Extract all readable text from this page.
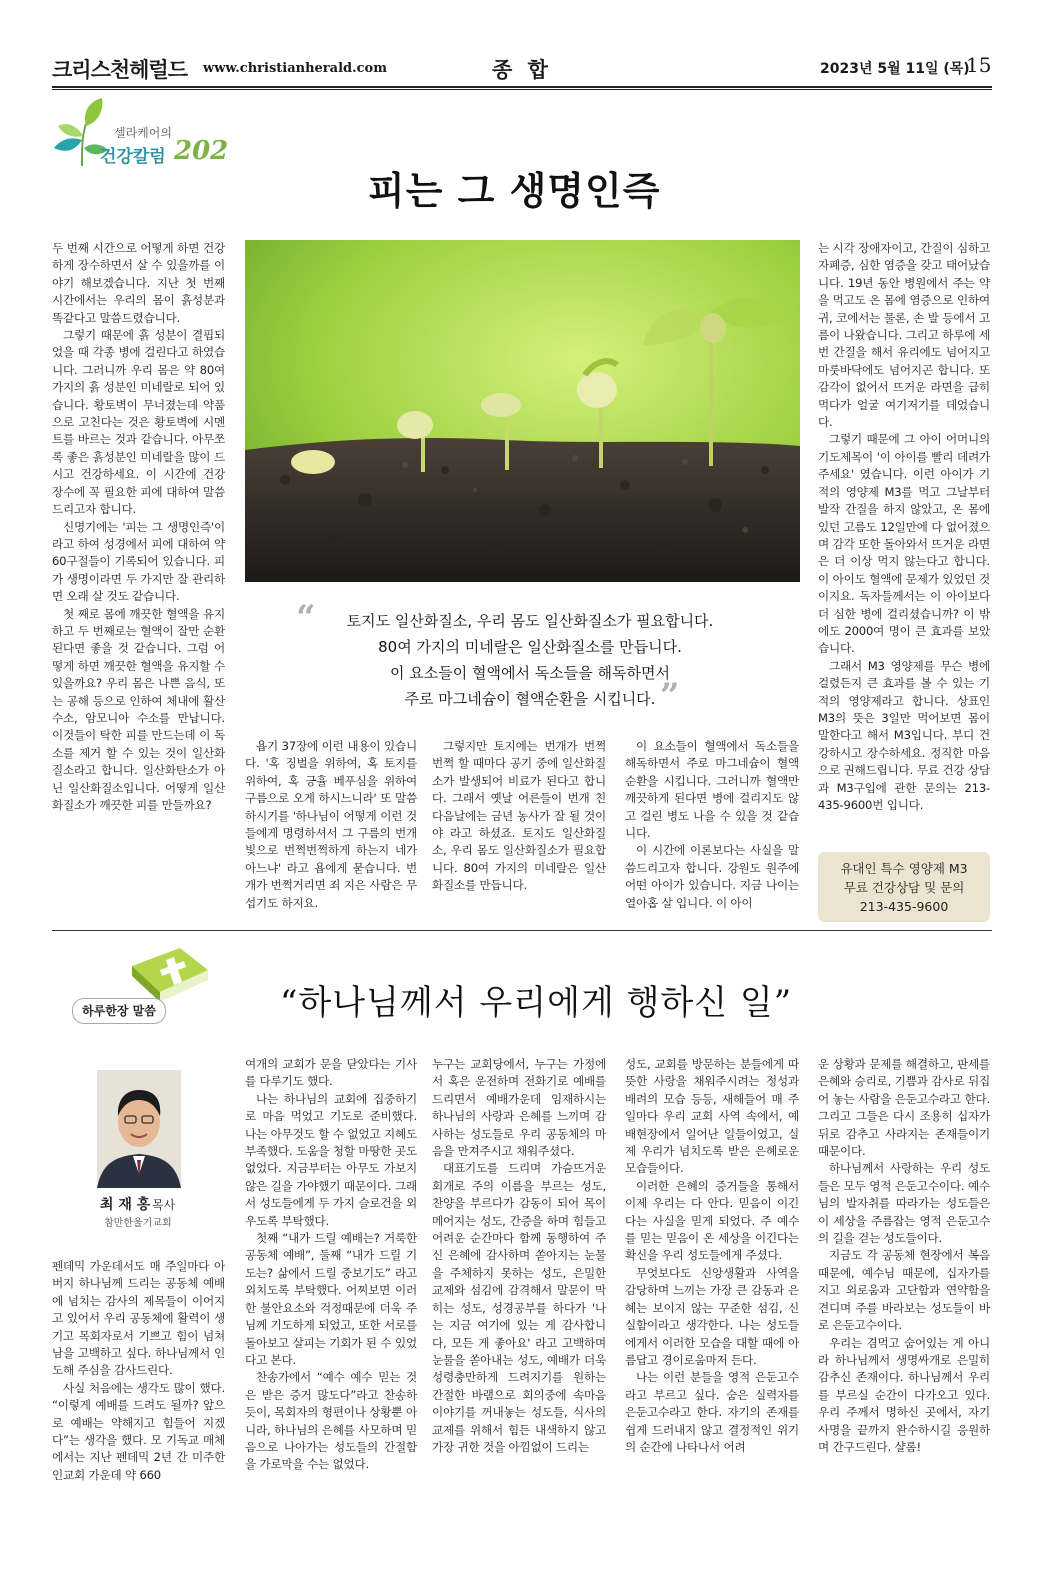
크리스천헤럴드 www.christianherald.com	종 합	2023년 5월 11일 (목)
15
셀라케어의
건강칼럼 202
피는 그 생명인즉

두 번째 시간으로 어떻게 하면 건강하게 장수하면서 살 수 있을까를 이야기 해보겠습니다. 지난 첫 번째 시간에서는 우리의 몸이 흙성분과 똑같다고 말씀드렸습니다.

그렇기 때문에 흙 성분이 결핍되었을 때 각종 병에 걸린다고 하였습니다. 그러니까 우리 몸은 약 80여 가지의 흙 성분인 미네랄로 되어 있습니다. 황토벽이 무너졌는데 약품으로 고친다는 것은 황토벽에 시멘트를 바르는 것과 같습니다. 아무쪼록 좋은 흙성분인 미네랄을 많이 드시고 건강하세요. 이 시간에 건강 장수에 꼭 필요한 피에 대하여 말씀드리고자 합니다.

신명기에는 '피는 그 생명인즉'이라고 하여 성경에서 피에 대하여 약 60구절들이 기록되어 있습니다. 피가 생명이라면 두 가지만 잘 관리하면 오래 살 것도 같습니다.

첫 째로 몸에 깨끗한 혈액을 유지하고 두 번째로는 혈액이 잘만 순환된다면 좋을 것 같습니다. 그럼 어떻게 하면 깨끗한 혈액을 유지할 수 있을까요? 우리 몸은 나쁜 음식, 또는 공해 등으로 인하여 체내에 활산수소, 암모니아 수소를 만납니다. 이것들이 탁한 피를 만드는데 이 독소를 제거 할 수 있는 것이 일산화질소라고 합니다. 일산화탄소가 아닌 일산화질소입니다. 어떻게 일산화질소가 깨끗한 피를 만들까요?

“	토지도 일산화질소, 우리 몸도 일산화질소가 필요합니다.
80여 가지의 미네랄은 일산화질소를 만듭니다.
이 요소들이 혈액에서 독소들을 해독하면서
주로 마그네슘이 혈액순환을 시킵니다. ”

욥기 37장에 이런 내용이 있습니다. '혹 징벌을 위하여, 혹 토지를 위하여, 혹 긍휼 베푸심을 위하여 구름으로 오게 하시느니라' 또 말씀하시기를 '하나님이 어떻게 이런 것들에게 명령하셔서 그 구름의 번개 빛으로 번쩍번쩍하게 하는지 네가 아느냐' 라고 욥에게 묻습니다. 번개가 번쩍거리면 죄 지은 사람은 무섭기도 하지요.

그렇지만 토지에는 번개가 번쩍번쩍 할 때마다 공기 중에 일산화질소가 발생되어 비료가 된다고 합니다. 그래서 옛날 어른들이 번개 친 다음날에는 금년 농사가 잘 될 것이야 라고 하셨죠. 토지도 일산화질소, 우리 몸도 일산화질소가 필요합니다. 80여 가지의 미네랄은 일산화질소를 만듭니다.

이 요소들이 혈액에서 독소들을 해독하면서 주로 마그네슘이 혈액순환을 시킵니다. 그러니까 혈액만 깨끗하게 된다면 병에 걸리지도 않고 걸린 병도 나을 수 있을 것 같습니다.

이 시간에 이론보다는 사실을 말씀드리고자 합니다. 강원도 원주에 어떤 아이가 있습니다. 지금 나이는 열아홉 살 입니다. 이 아이

는 시각 장애자이고, 간질이 심하고 자폐증, 심한 염증을 갖고 태어났습니다. 19년 동안 병원에서 주는 약을 먹고도 온 몸에 염증으로 인하여 귀, 코에서는 물론, 손 발 등에서 고름이 나왔습니다. 그리고 하루에 세 번 간질을 해서 유리에도 넘어지고 마룻바닥에도 넘어지곤 합니다. 또 감각이 없어서 뜨거운 라면을 급히 먹다가 얼굴 여기저기를 데었습니다.

그렇기 때문에 그 아이 어머니의 기도제목이 '이 아이를 빨리 데려가 주세요' 였습니다. 이런 아이가 기적의 영양제 M3를 먹고 그날부터 발작 간질을 하지 않았고, 온 몸에 있던 고름도 12일만에 다 없어졌으며 감각 또한 돌아와서 뜨거운 라면은 더 이상 먹지 않는다고 합니다. 이 아이도 혈액에 문제가 있었던 것이지요. 독자들께서는 이 아이보다 더 심한 병에 걸리셨습니까? 이 밖에도 2000여 명이 큰 효과를 보았습니다.

그래서 M3 영양제를 무슨 병에 걸렸든지 큰 효과를 볼 수 있는 기적의 영양제라고 합니다. 상표인 M3의 뜻은 3일만 먹어보면 몸이 말한다고 해서 M3입니다. 부디 건강하시고 장수하세요. 정직한 마음으로 권해드립니다. 무료 건강 상담과 M3구입에 관한 문의는 213-435-9600번 입니다.

유대인 특수 영양제 M3
무료 건강상담 및 문의
213-435-9600
하루한장 말씀	“하나님께서 우리에게 행하신 일”
최 재 홍 목사
참만한울기교회

펜데믹 가운데서도 매 주일마다 아버지 하나님께 드리는 공동체 예배에 넘치는 감사의 제목들이 이어지고 있어서 우리 공동체에 활력이 생기고 목회자로서 기쁘고 힘이 넘쳐남을 고백하고 싶다. 하나님께서 인도해 주심을 감사드린다.

사실 처음에는 생각도 많이 했다. “이렇게 예배를 드려도 될까? 앞으로 예배는 약해지고 힘들어 지겠다”는 생각을 했다. 모 기독교 매체에서는 지난 펜데믹 2년 간 미주한인교회 가운데 약 660

여개의 교회가 문을 닫았다는 기사를 다루기도 했다.

나는 하나님의 교회에 집중하기로 마음 먹었고 기도로 준비했다. 나는 아무것도 할 수 없었고 지혜도 부족했다. 도움을 청할 마땅한 곳도 없었다. 지금부터는 아무도 가보지 않은 길을 가야했기 때문이다. 그래서 성도들에게 두 가지 슬로건을 외우도록 부탁했다.

첫째 “내가 드릴 예배는? 거룩한 공동체 예배”, 둘째 “내가 드릴 기도는? 삶에서 드릴 중보기도” 라고 외치도록 부탁했다. 어찌보면 이러한 불안요소와 걱정때문에 더욱 주님께 기도하게 되었고, 또한 서로를 돌아보고 살피는 기회가 된 수 있었다고 본다.

찬송가에서 “예수 예수 믿는 것은 받은 증거 많도다”라고 찬송하듯이, 목회자의 형편이나 상황뿐 아니라, 하나님의 은혜를 사모하며 믿음으로 나아가는 성도들의 간절함을 가로막을 수는 없었다.

누구는 교회당에서, 누구는 가정에서 혹은 운전하며 전화기로 예배를 드리면서 예배가운데 임재하시는 하나님의 사랑과 은혜를 느끼며 감사하는 성도들로 우리 공동체의 마음을 만져주시고 채워주셨다.

대표기도를 드리며 가슴뜨거운 회개로 주의 이름을 부르는 성도, 찬양을 부르다가 감동이 되어 목이 메어지는 성도, 간증을 하며 힘들고 어려운 순간마다 함께 동행하여 주신 은혜에 감사하며 쏟아지는 눈물을 주체하지 못하는 성도, 은밀한 교제와 섬김에 감격해서 말문이 막히는 성도, 성경공부를 하다가 '나는 지금 여기에 있는 게 감사합니다, 모든 게 좋아요' 라고 고백하며 눈물을 쏟아내는 성도, 예배가 더욱 성령충만하게 드려지기를 원하는 간절한 바램으로 회의중에 속마음 이야기를 꺼내놓는 성도들, 식사의 교제를 위해서 힘든 내색하지 않고 가장 귀한 것을 아낌없이 드리는

성도, 교회를 방문하는 분들에게 따뜻한 사랑을 채워주시려는 정성과 배려의 모습 등등, 새해들어 매 주일마다 우리 교회 사역 속에서, 예배현장에서 일어난 일들이었고, 실제 우리가 넘치도록 받은 은혜로운 모습들이다.

이러한 은혜의 증거들을 통해서 이제 우리는 다 안다. 믿음이 이긴다는 사실을 믿게 되었다. 주 예수를 믿는 믿음이 온 세상을 이긴다는 확신을 우리 성도들에게 주셨다.

무엇보다도 신앙생활과 사역을 감당하며 느끼는 가장 큰 감동과 은혜는 보이지 않는 꾸준한 섬김, 신실함이라고 생각한다. 나는 성도들에게서 이러한 모습을 대할 때에 아름답고 경이로움마저 든다.

나는 이런 분들을 영적 은둔고수라고 부르고 싶다. 숨은 실력자를 은둔고수라고 한다. 자기의 존재를 쉽게 드러내지 않고 결정적인 위기의 순간에 나타나서 어려

운 상황과 문제를 해결하고, 판세를 은혜와 승리로, 기쁨과 감사로 뒤집어 놓는 사람을 은둔고수라고 한다. 그리고 그들은 다시 조용히 십자가 뒤로 감추고 사라지는 존재들이기 때문이다.

하나님께서 사랑하는 우리 성도들은 모두 영적 은둔고수이다. 예수님의 발자취를 따라가는 성도들은 이 세상을 주름잡는 영적 은둔고수의 길을 걷는 성도들이다.

지금도 각 공동체 현장에서 복음 때문에, 예수님 때문에, 십자가를 지고 외로움과 고단함과 연약함을 견디며 주를 바라보는 성도들이 바로 은둔고수이다.

우리는 겸먹고 숨어있는 게 아니라 하나님께서 생명싸개로 은밀히 감추신 존재이다. 하나님께서 우리를 부르실 순간이 다가오고 있다. 우리 주께서 명하신 곳에서, 자기 사명을 끝까지 완수하시길 응원하며 간구드린다. 샬롬!
